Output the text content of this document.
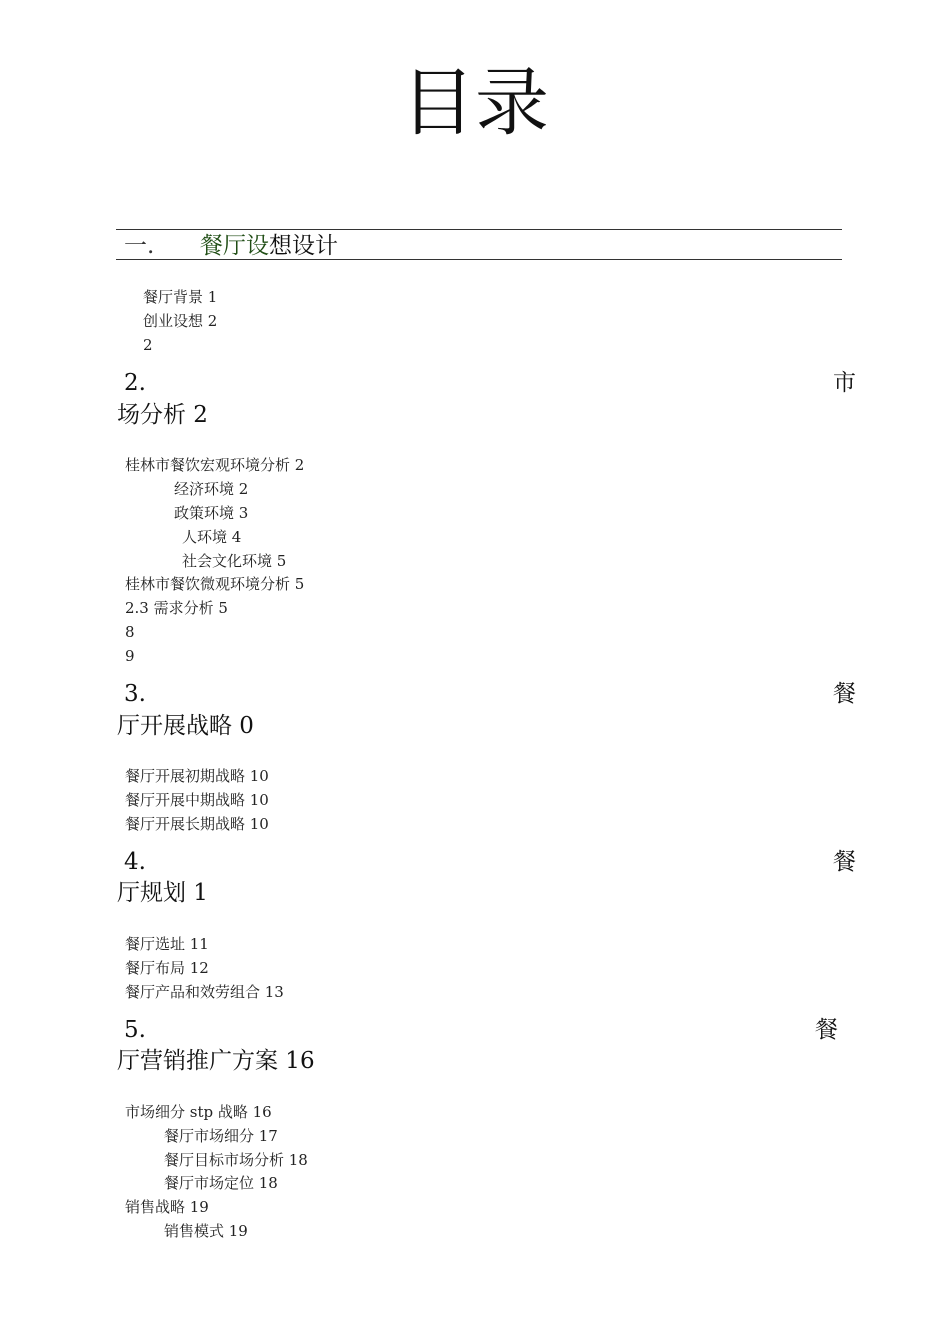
目录
一. 餐厅设想设计
餐厅背景 1
创业设想 2
2
2.	市
场分析 2
桂林市餐饮宏观环境分析 2
经济环境 2
政策环境 3
人环境 4
社会文化环境 5
桂林市餐饮微观环境分析 5
2.3 需求分析 5
8
9
3.	餐
厅开展战略 0
餐厅开展初期战略 10
餐厅开展中期战略 10
餐厅开展长期战略 10
4.	餐
厅规划 1
餐厅选址 11
餐厅布局 12
餐厅产品和效劳组合 13
5.	餐
厅营销推广方案 16
市场细分 stp 战略 16
餐厅市场细分 17
餐厅目标市场分析 18
餐厅市场定位 18
销售战略 19
销售模式 19
